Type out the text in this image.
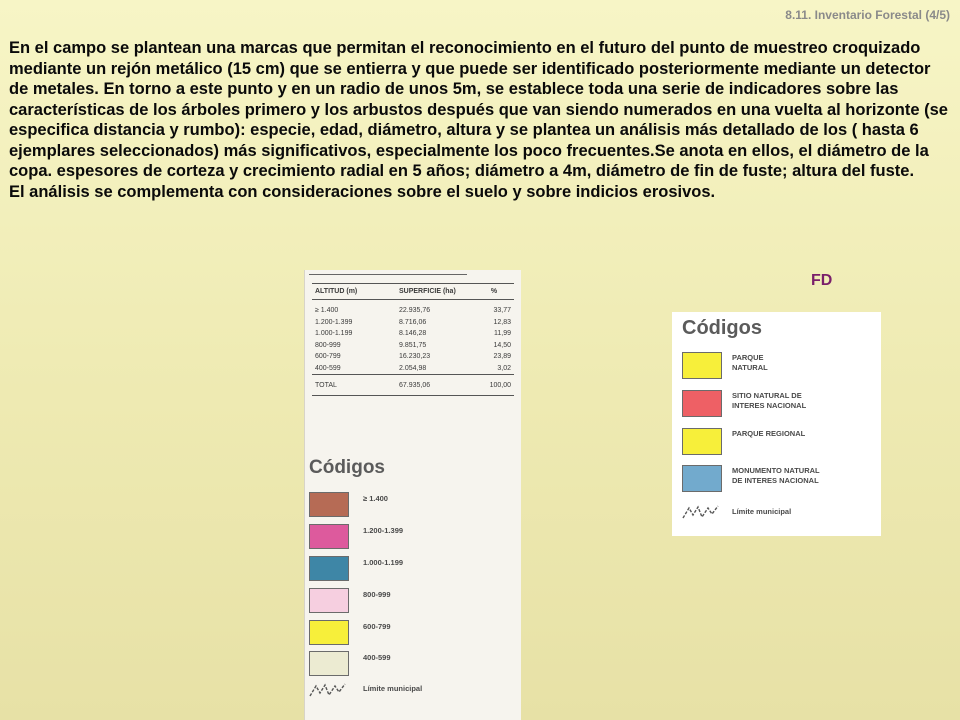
8.11. Inventario Forestal (4/5)

En el campo se plantean una marcas que permitan el reconocimiento en el futuro del punto de muestreo croquizado mediante un rejón metálico (15 cm) que se entierra y que puede ser identificado posteriormente mediante un detector de metales. En torno a este punto y en un radio de unos 5m, se establece toda una serie de indicadores sobre las características de los árboles primero y los arbustos después que van siendo numerados en una vuelta al horizonte (se especifica distancia y rumbo): especie, edad, diámetro, altura y se plantea un análisis más detallado de los ( hasta 6 ejemplares seleccionados) más significativos, especialmente los poco frecuentes.Se anota en ellos, el diámetro de la copa. espesores de corteza y crecimiento radial en 5 años; diámetro a 4m, diámetro de fin de fuste; altura del fuste.

El análisis se complementa con consideraciones sobre el suelo y sobre indicios erosivos.

FD
ALTITUD (m)	SUPERFICIE (ha)	%
≥ 1.400	22.935,76	33,77
1.200-1.399	8.716,06	12,83
1.000-1.199	8.146,28	11,99
800-999	9.851,75	14,50
600-799	16.230,23	23,89
400-599	2.054,98	3,02
TOTAL	67.935,06	100,00
Códigos
≥ 1.400
1.200-1.399
1.000-1.199
800-999
600-799
400-599
Límite municipal
Códigos
PARQUE
NATURAL
SITIO NATURAL DE
INTERES NACIONAL
PARQUE REGIONAL
MONUMENTO NATURAL
DE INTERES NACIONAL
Límite municipal
